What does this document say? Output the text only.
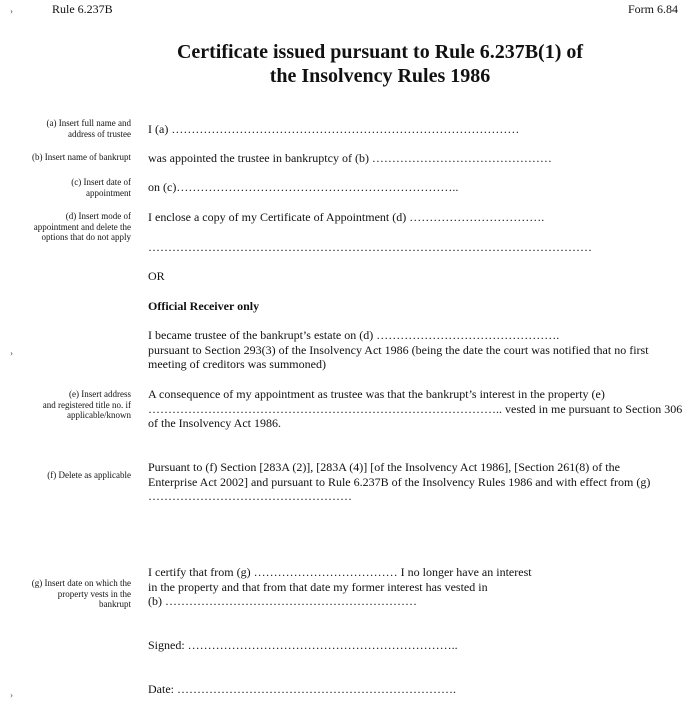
Rule 6.237B	Form 6.84
Certificate issued pursuant to Rule 6.237B(1) of
the Insolvency Rules 1986
(a) Insert full name and
address of trustee
(b) Insert name of bankrupt
(c) Insert date of
appointment
(d) Insert mode of
appointment and delete the
options that do not apply
(e) Insert address
and registered title no. if
applicable/known
(f) Delete as applicable
(g) Insert date on which the
property vests in the
bankrupt
I (a) ……………………………………………………………………………
was appointed the trustee in bankruptcy of (b) ………………………………………
on (c)……………………………………………………………..
I enclose a copy of my Certificate of Appointment (d) …………………………….
…………………………………………………………………………………………………
OR
Official Receiver only
I became trustee of the bankrupt’s estate on (d) ……………………………………….
pursuant to Section 293(3) of the Insolvency Act 1986 (being the date the court was notified that no first
meeting of creditors was summoned)
A consequence of my appointment as trustee was that the bankrupt’s interest in the property (e)
…………………………………………………………………………….. vested in me pursuant to Section 306
of the Insolvency Act 1986.
Pursuant to (f) Section [283A (2)], [283A (4)] [of the Insolvency Act 1986], [Section 261(8) of the
Enterprise Act 2002] and pursuant to Rule 6.237B of the Insolvency Rules 1986 and with effect from (g)
……………………………………………
I certify that from (g) ……………………………… I no longer have an interest
in the property and that from that date my former interest has vested in
(b) ………………………………………………………
Signed: …………………………………………………………..
Date: …………………………………………………………….
›
›
›
